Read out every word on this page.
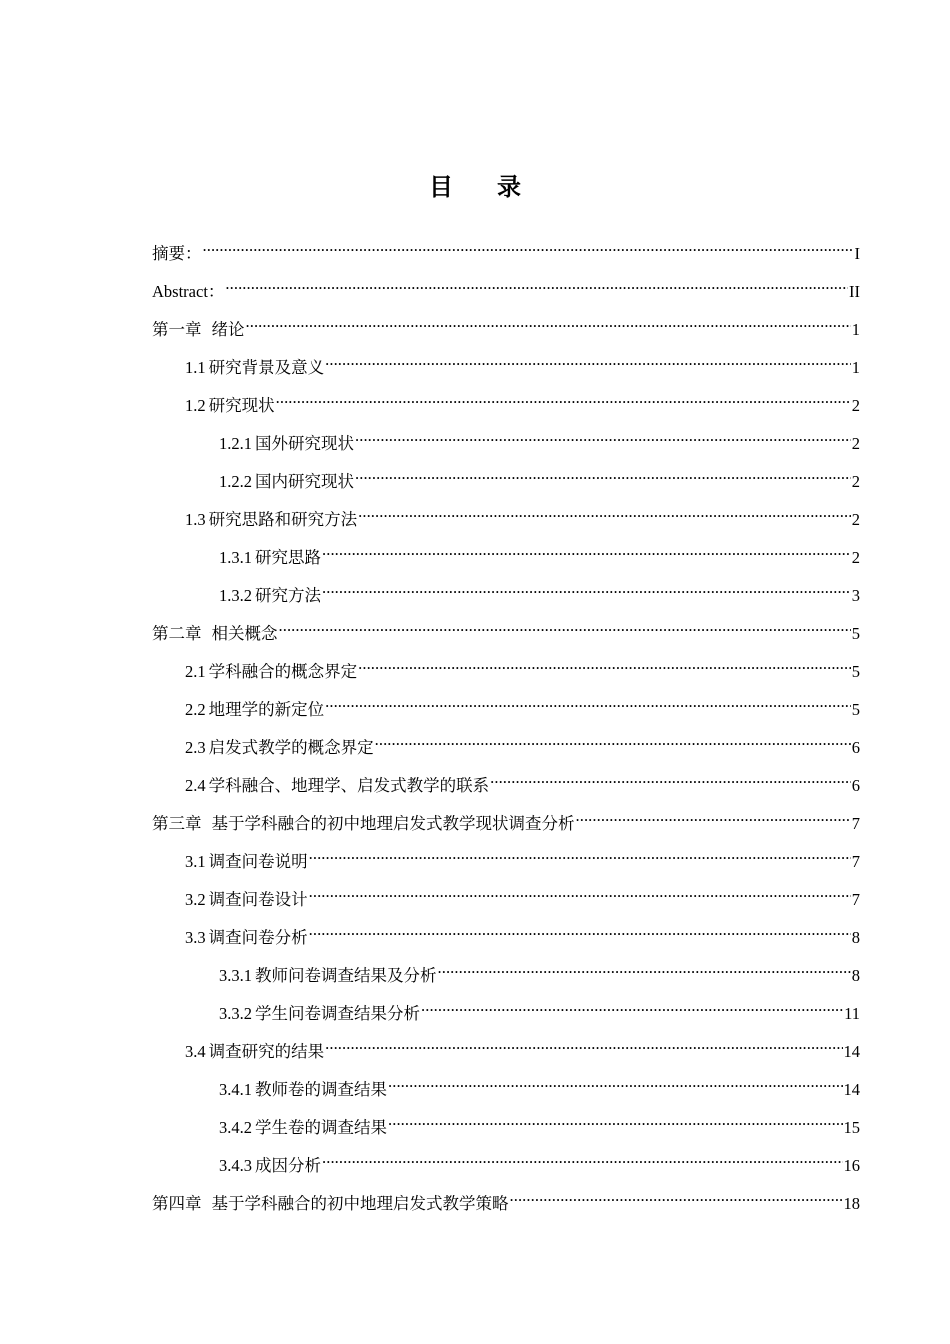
目 录
摘要： .....	I
Abstract： .....	II
第一章 绪论 .....	1
1.1 研究背景及意义 .....	1
1.2 研究现状 .....	2
1.2.1 国外研究现状 .....	2
1.2.2 国内研究现状 .....	2
1.3 研究思路和研究方法 .....	2
1.3.1 研究思路 .....	2
1.3.2 研究方法 .....	3
第二章 相关概念 .....	5
2.1 学科融合的概念界定 .....	5
2.2 地理学的新定位 .....	5
2.3 启发式教学的概念界定 .....	6
2.4 学科融合、地理学、启发式教学的联系 .....	6
第三章 基于学科融合的初中地理启发式教学现状调查分析 .....	7
3.1 调查问卷说明 .....	7
3.2 调查问卷设计 .....	7
3.3 调查问卷分析 .....	8
3.3.1 教师问卷调查结果及分析 .....	8
3.3.2 学生问卷调查结果分析 .....	11
3.4 调查研究的结果 .....	14
3.4.1 教师卷的调查结果 .....	14
3.4.2 学生卷的调查结果 .....	15
3.4.3 成因分析 .....	16
第四章 基于学科融合的初中地理启发式教学策略 .....	18
